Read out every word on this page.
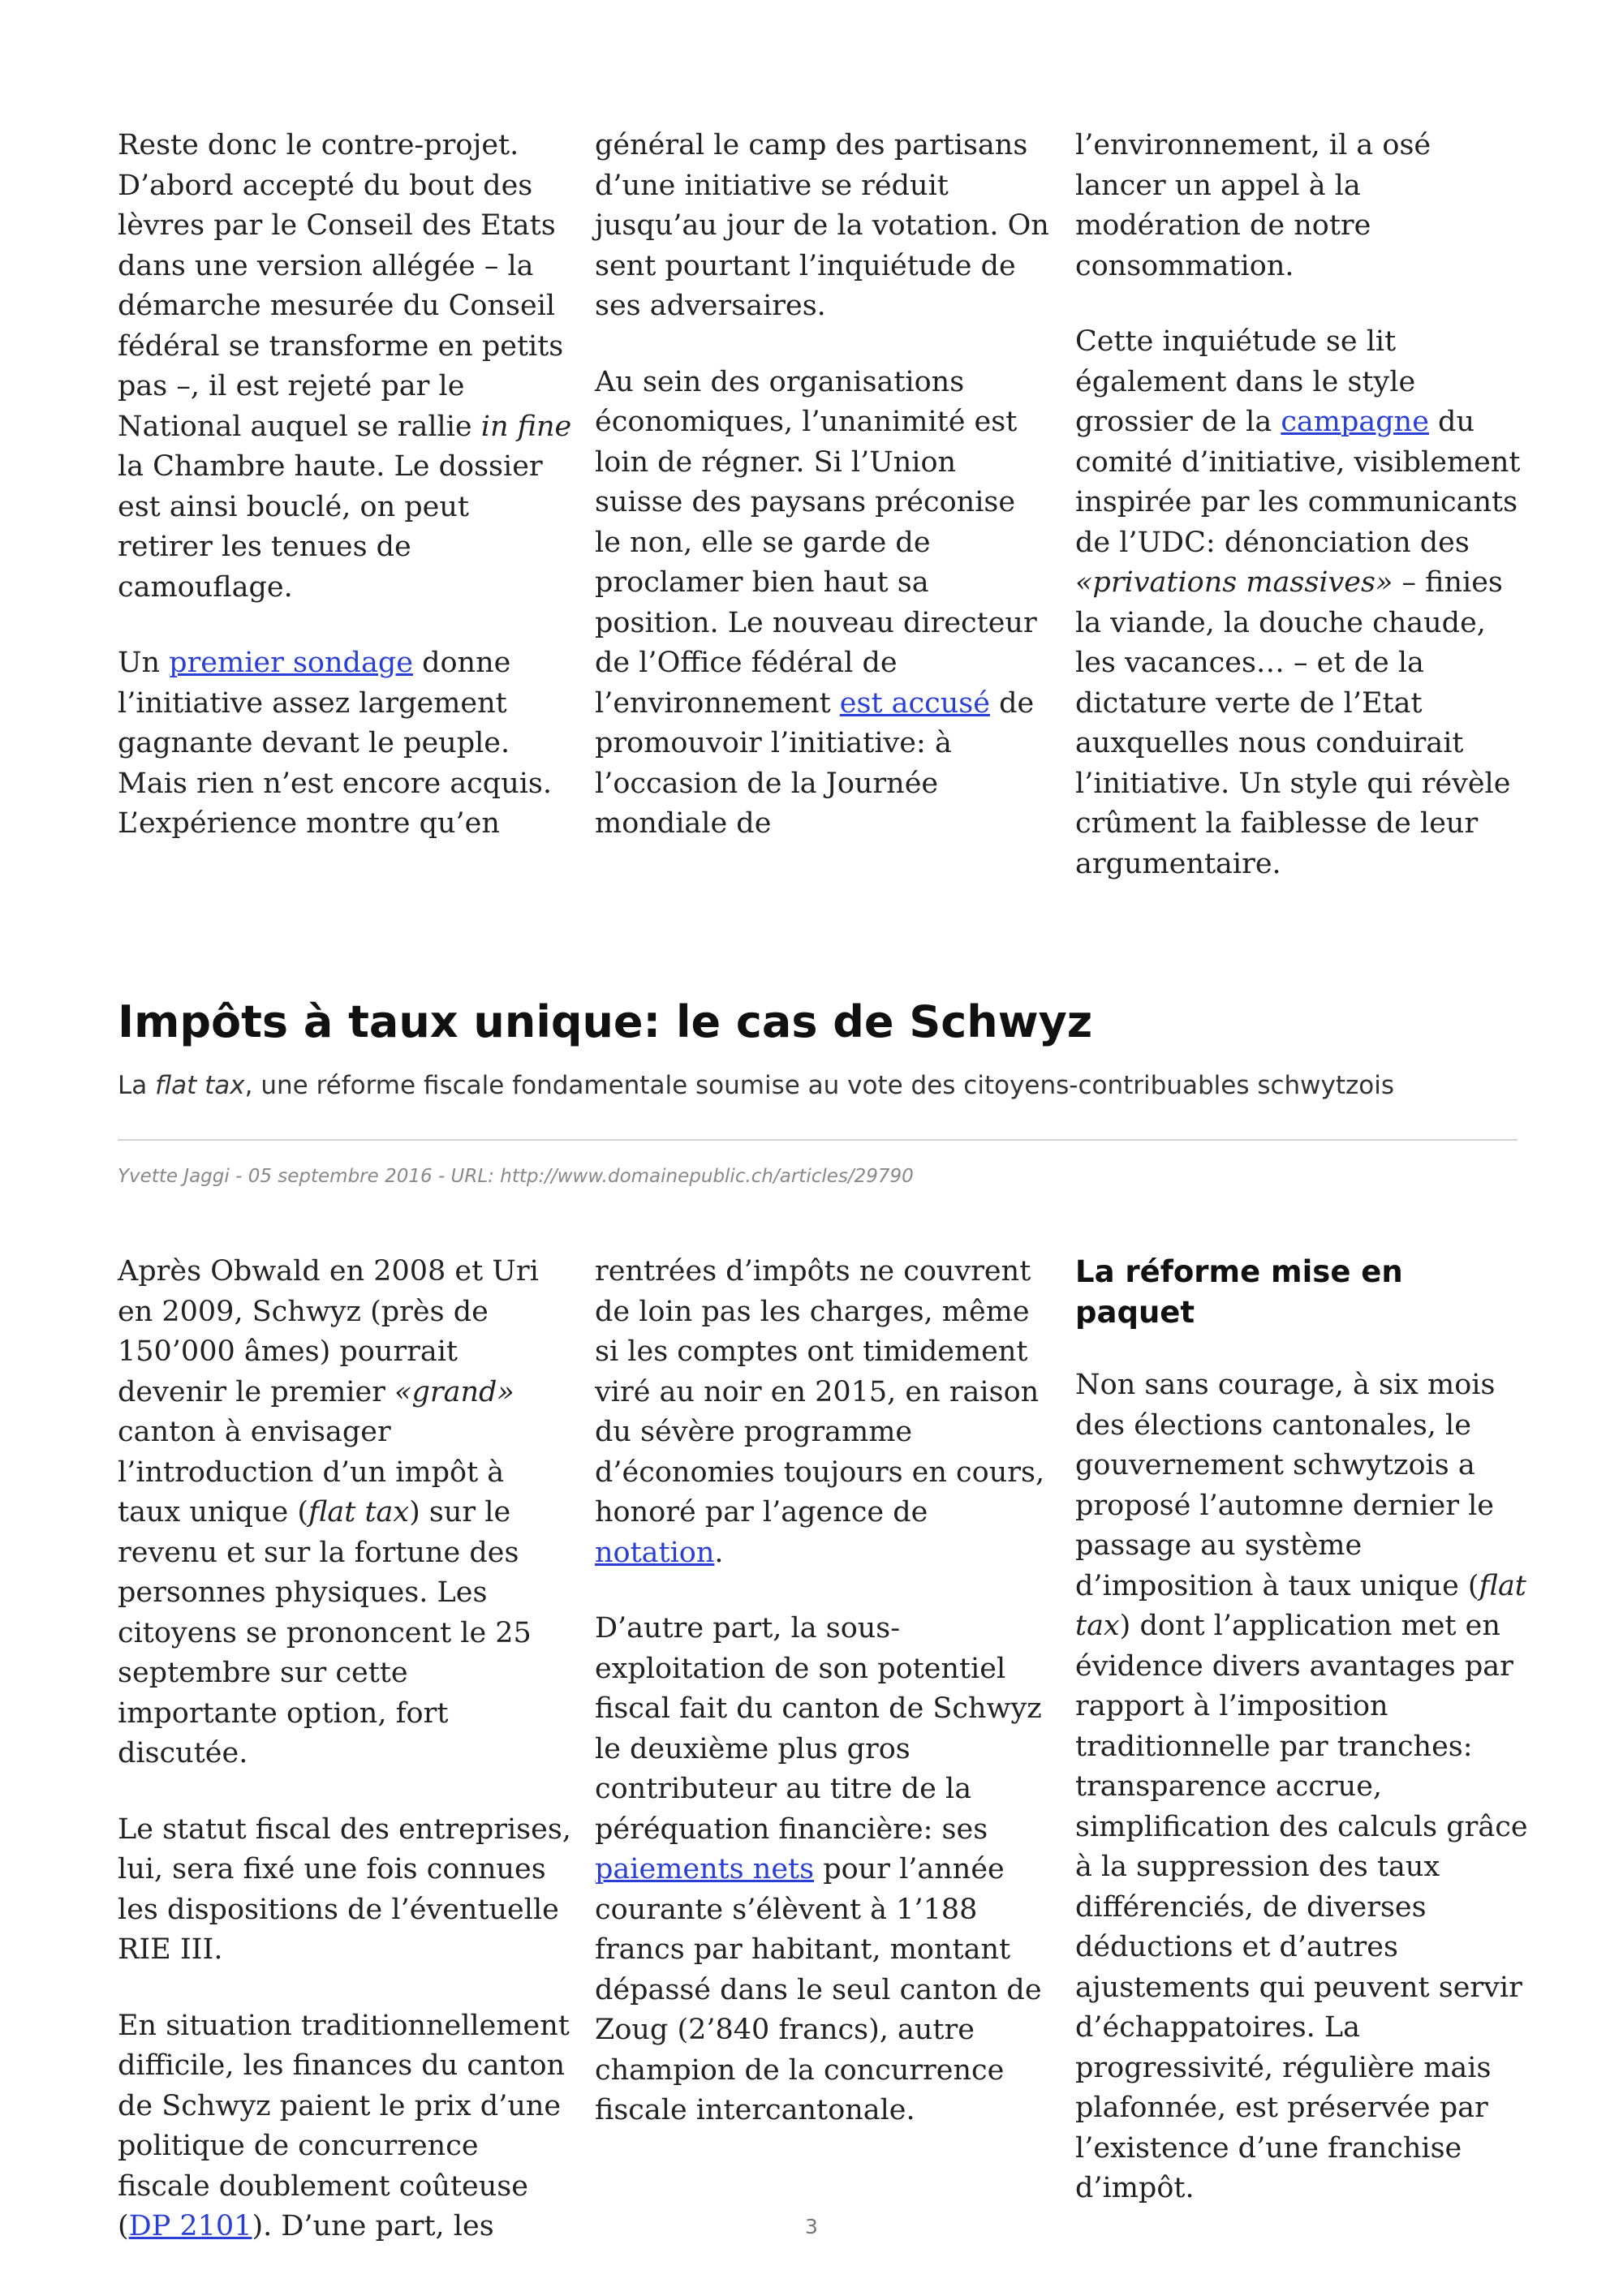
Reste donc le contre-projet. D’abord accepté du bout des lèvres par le Conseil des Etats dans une version allégée – la démarche mesurée du Conseil fédéral se transforme en petits pas –, il est rejeté par le National auquel se rallie in fine la Chambre haute. Le dossier est ainsi bouclé, on peut retirer les tenues de camouflage.

Un premier sondage donne l’initiative assez largement gagnante devant le peuple. Mais rien n’est encore acquis. L’expérience montre qu’en

général le camp des partisans d’une initiative se réduit jusqu’au jour de la votation. On sent pourtant l’inquiétude de ses adversaires.

Au sein des organisations économiques, l’unanimité est loin de régner. Si l’Union suisse des paysans préconise le non, elle se garde de proclamer bien haut sa position. Le nouveau directeur de l’Office fédéral de l’environnement est accusé de promouvoir l’initiative: à l’occasion de la Journée mondiale de

l’environnement, il a osé lancer un appel à la modération de notre consommation.

Cette inquiétude se lit également dans le style grossier de la campagne du comité d’initiative, visiblement inspirée par les communicants de l’UDC: dénonciation des «privations massives» – finies la viande, la douche chaude, les vacances… – et de la dictature verte de l’Etat auxquelles nous conduirait l’initiative. Un style qui révèle crûment la faiblesse de leur argumentaire.

Impôts à taux unique: le cas de Schwyz
La flat tax, une réforme fiscale fondamentale soumise au vote des citoyens-contribuables schwytzois
Yvette Jaggi - 05 septembre 2016 - URL: http://www.domainepublic.ch/articles/29790

Après Obwald en 2008 et Uri en 2009, Schwyz (près de 150’000 âmes) pourrait devenir le premier «grand» canton à envisager l’introduction d’un impôt à taux unique (flat tax) sur le revenu et sur la fortune des personnes physiques. Les citoyens se prononcent le 25 septembre sur cette importante option, fort discutée.

Le statut fiscal des entreprises, lui, sera fixé une fois connues les dispositions de l’éventuelle RIE III.

En situation traditionnellement difficile, les finances du canton de Schwyz paient le prix d’une politique de concurrence fiscale doublement coûteuse (DP 2101). D’une part, les

rentrées d’impôts ne couvrent de loin pas les charges, même si les comptes ont timidement viré au noir en 2015, en raison du sévère programme d’économies toujours en cours, honoré par l’agence de notation.

D’autre part, la sous-exploitation de son potentiel fiscal fait du canton de Schwyz le deuxième plus gros contributeur au titre de la péréquation financière: ses paiements nets pour l’année courante s’élèvent à 1’188 francs par habitant, montant dépassé dans le seul canton de Zoug (2’840 francs), autre champion de la concurrence fiscale intercantonale.

La réforme mise en paquet

Non sans courage, à six mois des élections cantonales, le gouvernement schwytzois a proposé l’automne dernier le passage au système d’imposition à taux unique (flat tax) dont l’application met en évidence divers avantages par rapport à l’imposition traditionnelle par tranches: transparence accrue, simplification des calculs grâce à la suppression des taux différenciés, de diverses déductions et d’autres ajustements qui peuvent servir d’échappatoires. La progressivité, régulière mais plafonnée, est préservée par l’existence d’une franchise d’impôt.

3
